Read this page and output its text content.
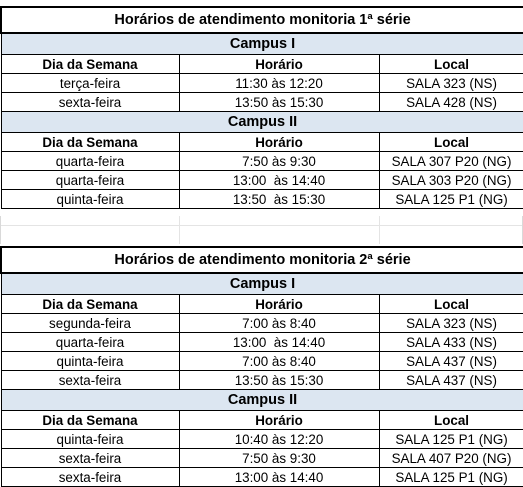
Horários de atendimento monitoria 1ª série		
Campus I		
Dia da Semana	Horário	Local
terça-feira	11:30 às 12:20	SALA 323 (NS)
sexta-feira	13:50 às 15:30	SALA 428 (NS)
Campus II		
Dia da Semana	Horário	Local
quarta-feira	7:50 às 9:30	SALA 307 P20 (NG)
quarta-feira	13:00  às 14:40	SALA 303 P20 (NG)
quinta-feira	13:50  às 15:30	SALA 125 P1 (NG)
Horários de atendimento monitoria 2ª série		
Campus I		
Dia da Semana	Horário	Local
segunda-feira	7:00 às 8:40	SALA 323 (NS)
quarta-feira	13:00  às 14:40	SALA 433 (NS)
quinta-feira	7:00 às 8:40	SALA 437 (NS)
sexta-feira	13:50 às 15:30	SALA 437 (NS)
Campus II		
Dia da Semana	Horário	Local
quinta-feira	10:40 às 12:20	SALA 125 P1 (NG)
sexta-feira	7:50 às 9:30	SALA 407 P20 (NG)
sexta-feira	13:00 às 14:40	SALA 125 P1 (NG)
